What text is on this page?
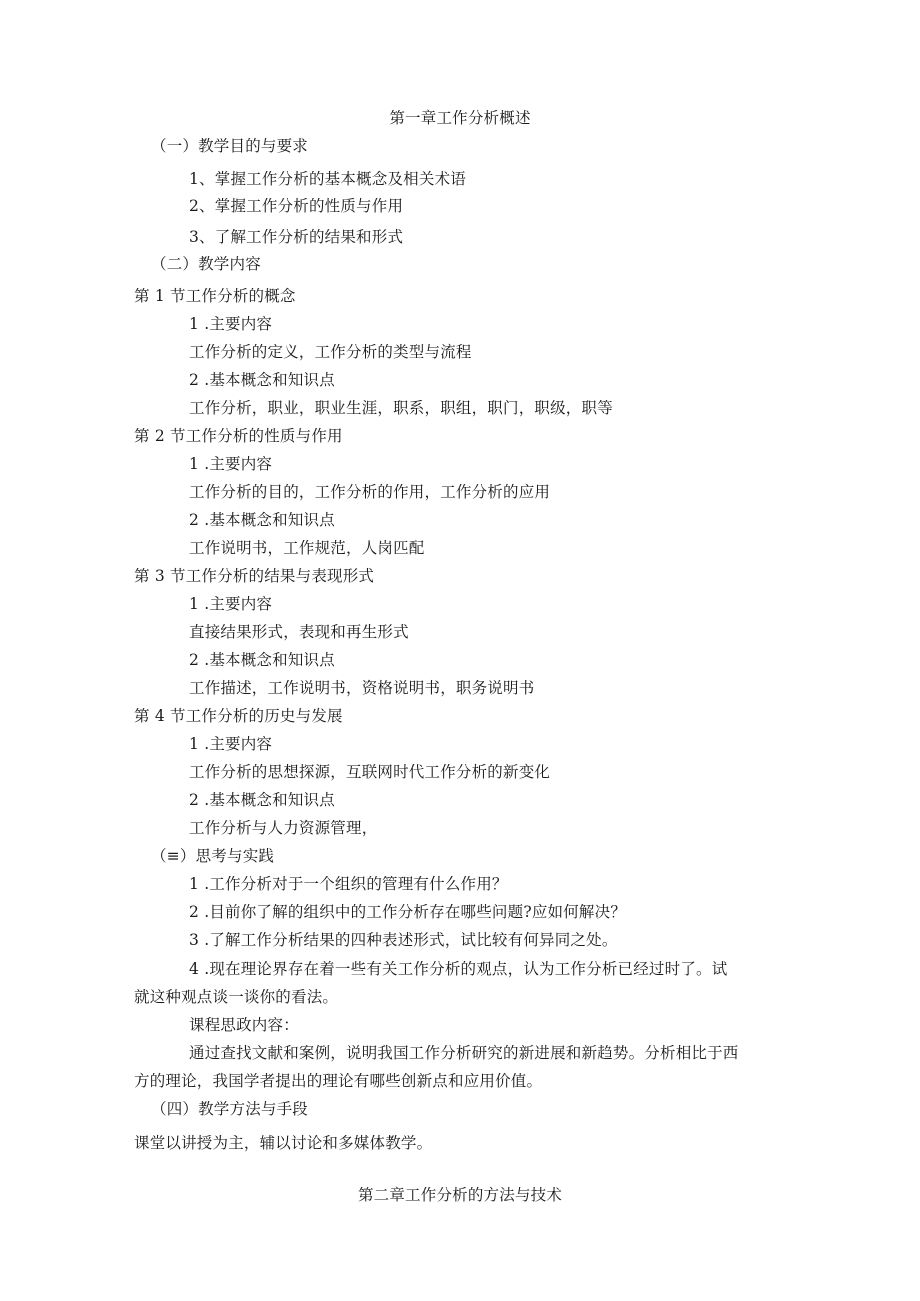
第一章工作分析概述
（一）教学目的与要求
1、掌握工作分析的基本概念及相关术语
2、掌握工作分析的性质与作用
3、了解工作分析的结果和形式
（二）教学内容
第 1 节工作分析的概念
1 .主要内容
工作分析的定义，工作分析的类型与流程
2 .基本概念和知识点
工作分析，职业，职业生涯，职系，职组，职门，职级，职等
第 2 节工作分析的性质与作用
1 .主要内容
工作分析的目的，工作分析的作用，工作分析的应用
2 .基本概念和知识点
工作说明书，工作规范，人岗匹配
第 3 节工作分析的结果与表现形式
1 .主要内容
直接结果形式，表现和再生形式
2 .基本概念和知识点
工作描述，工作说明书，资格说明书，职务说明书
第 4 节工作分析的历史与发展
1 .主要内容
工作分析的思想探源，互联网时代工作分析的新变化
2 .基本概念和知识点
工作分析与人力资源管理，
（≡）思考与实践
1 .工作分析对于一个组织的管理有什么作用？
2 .目前你了解的组织中的工作分析存在哪些问题?应如何解决？
3 .了解工作分析结果的四种表述形式，试比较有何异同之处。
4 .现在理论界存在着一些有关工作分析的观点，认为工作分析已经过时了。试
就这种观点谈一谈你的看法。
课程思政内容：
通过查找文献和案例，说明我国工作分析研究的新进展和新趋势。分析相比于西
方的理论，我国学者提出的理论有哪些创新点和应用价值。
（四）教学方法与手段
课堂以讲授为主，辅以讨论和多媒体教学。
第二章工作分析的方法与技术
